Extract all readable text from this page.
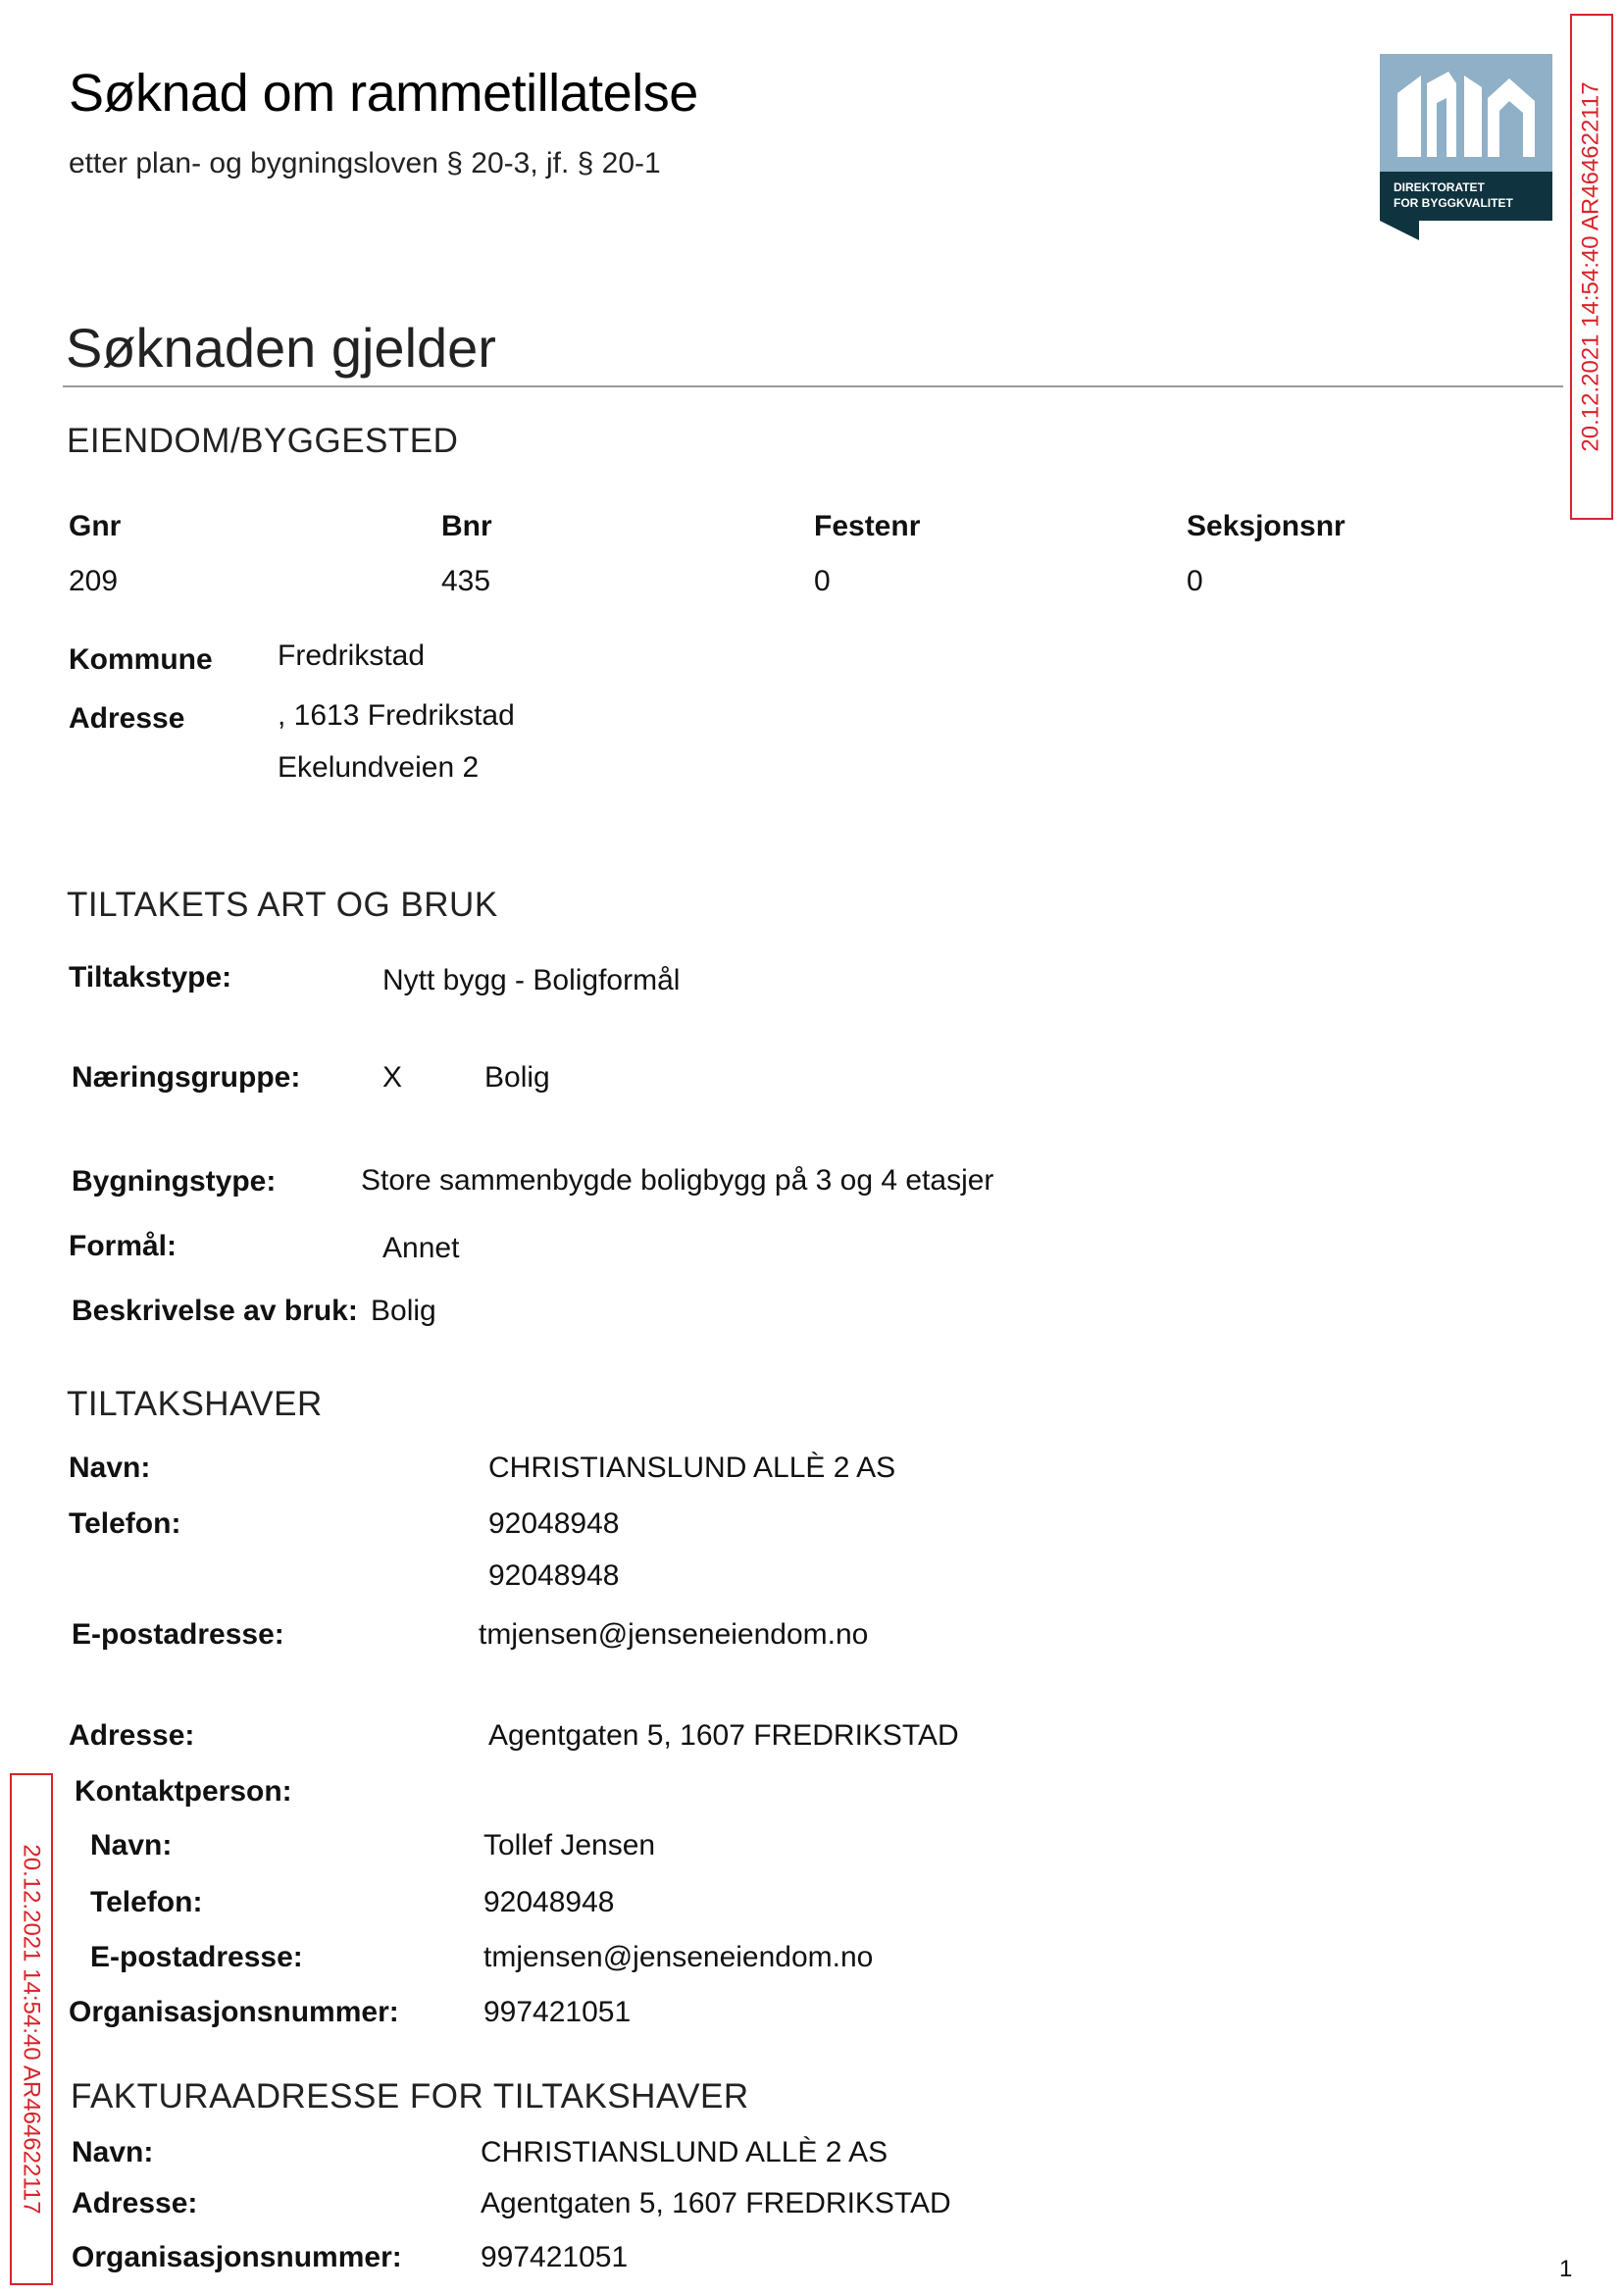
Søknad om rammetillatelse
etter plan- og bygningsloven § 20-3, jf. § 20-1
DIREKTORATET
FOR BYGGKVALITET	20.12.2021 14:54:40 AR464622117
20.12.2021 14:54:40 AR464622117
Søknaden gjelder
EIENDOM/BYGGESTED
Gnr	Bnr	Festenr	Seksjonsnr
209	435	0	0
Kommune Fredrikstad
Adresse	, 1613 Fredrikstad
Ekelundveien 2
TILTAKETS ART OG BRUK
Tiltakstype:	Nytt bygg - Boligformål
Næringsgruppe:	X	Bolig
Bygningstype:	Store sammenbygde boligbygg på 3 og 4 etasjer
Formål:	Annet
Beskrivelse av bruk: Bolig
TILTAKSHAVER
Navn:	CHRISTIANSLUND ALLÈ 2 AS
Telefon:	92048948
92048948
E-postadresse:	tmjensen@jenseneiendom.no
Adresse:	Agentgaten 5, 1607 FREDRIKSTAD
Kontaktperson:
Navn:	Tollef Jensen
Telefon:	92048948
E-postadresse:	tmjensen@jenseneiendom.no
Organisasjonsnummer:	997421051
FAKTURAADRESSE FOR TILTAKSHAVER
Navn:	CHRISTIANSLUND ALLÈ 2 AS
Adresse:	Agentgaten 5, 1607 FREDRIKSTAD
Organisasjonsnummer:	997421051	1
